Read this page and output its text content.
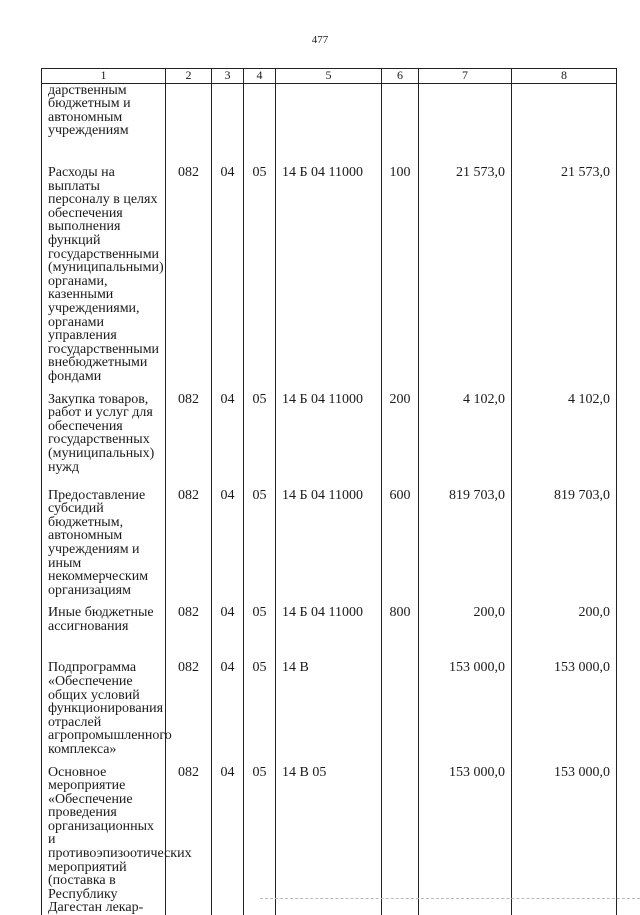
477
1	2	3	4	5	6	7	8

дарственным бюджетным и автономным учреждениям							

Расходы на выплаты персоналу в целях обеспечения выполнения функций государственными (муниципальными) органами, казенными учреждениями, органами управления государственными внебюджетными фондами	082	04	05	14 Б 04 11000	100	21 573,0	21 573,0

Закупка товаров, работ и услуг для обеспечения государственных (муниципальных) нужд	082	04	05	14 Б 04 11000	200	4 102,0	4 102,0

Предоставление субсидий бюджетным, автономным учреждениям и иным некоммерческим организациям	082	04	05	14 Б 04 11000	600	819 703,0	819 703,0

Иные бюджетные ассигнования	082	04	05	14 Б 04 11000	800	200,0	200,0

Подпрограмма «Обеспечение общих условий функционирования отраслей агропромышленного комплекса»	082	04	05	14 В		153 000,0	153 000,0

Основное мероприятие «Обеспечение проведения организационных и противоэпизоотических мероприятий (поставка в Республику Дагестан лекар-	082	04	05	14 В 05		153 000,0	153 000,0
